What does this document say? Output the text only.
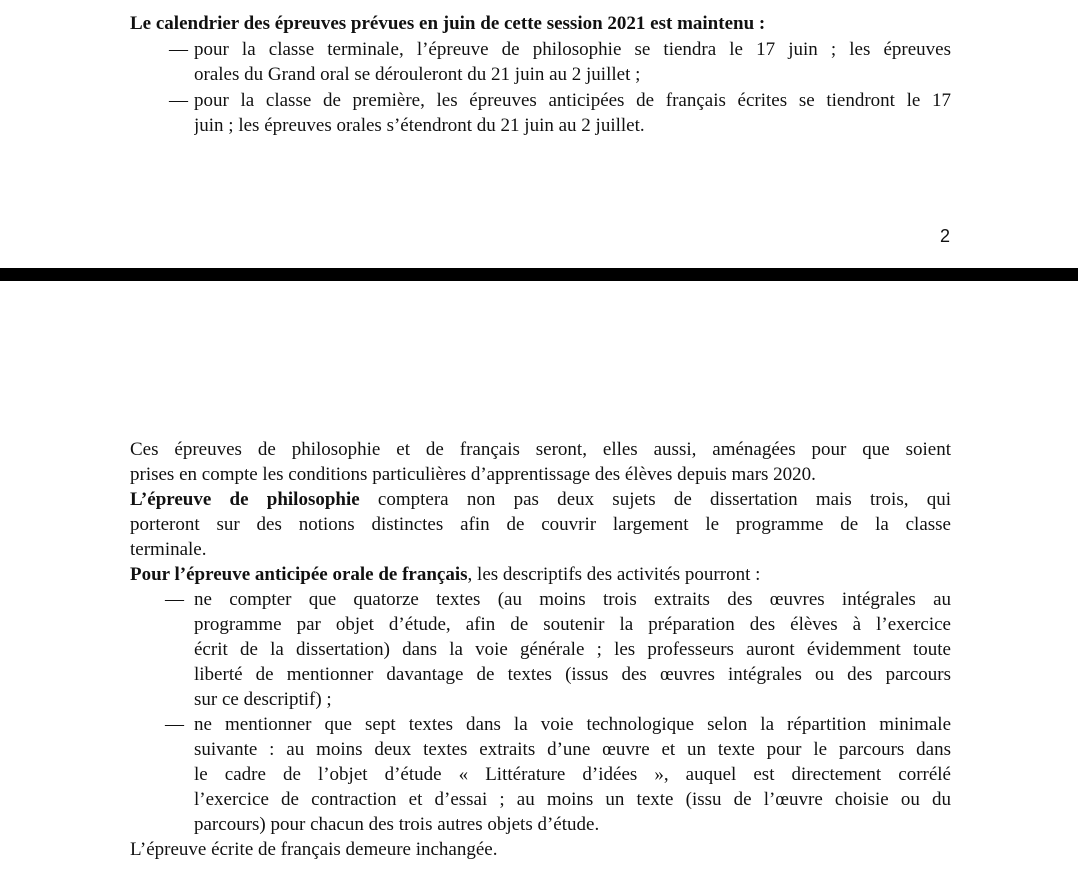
Le calendrier des épreuves prévues en juin de cette session 2021 est maintenu :
— pour la classe terminale, l’épreuve de philosophie se tiendra le 17 juin ; les épreuves
orales du Grand oral se dérouleront du 21 juin au 2 juillet ;
— pour la classe de première, les épreuves anticipées de français écrites se tiendront le 17
juin ; les épreuves orales s’étendront du 21 juin au 2 juillet.
2
Ces épreuves de philosophie et de français seront, elles aussi, aménagées pour que soient
prises en compte les conditions particulières d’apprentissage des élèves depuis mars 2020.
L’épreuve de philosophie comptera non pas deux sujets de dissertation mais trois, qui
porteront sur des notions distinctes afin de couvrir largement le programme de la classe
terminale.
Pour l’épreuve anticipée orale de français, les descriptifs des activités pourront :
— ne compter que quatorze textes (au moins trois extraits des œuvres intégrales au
programme par objet d’étude, afin de soutenir la préparation des élèves à l’exercice
écrit de la dissertation) dans la voie générale ; les professeurs auront évidemment toute
liberté de mentionner davantage de textes (issus des œuvres intégrales ou des parcours
sur ce descriptif) ;
— ne mentionner que sept textes dans la voie technologique selon la répartition minimale
suivante : au moins deux textes extraits d’une œuvre et un texte pour le parcours dans
le cadre de l’objet d’étude « Littérature d’idées », auquel est directement corrélé
l’exercice de contraction et d’essai ; au moins un texte (issu de l’œuvre choisie ou du
parcours) pour chacun des trois autres objets d’étude.
L’épreuve écrite de français demeure inchangée.
